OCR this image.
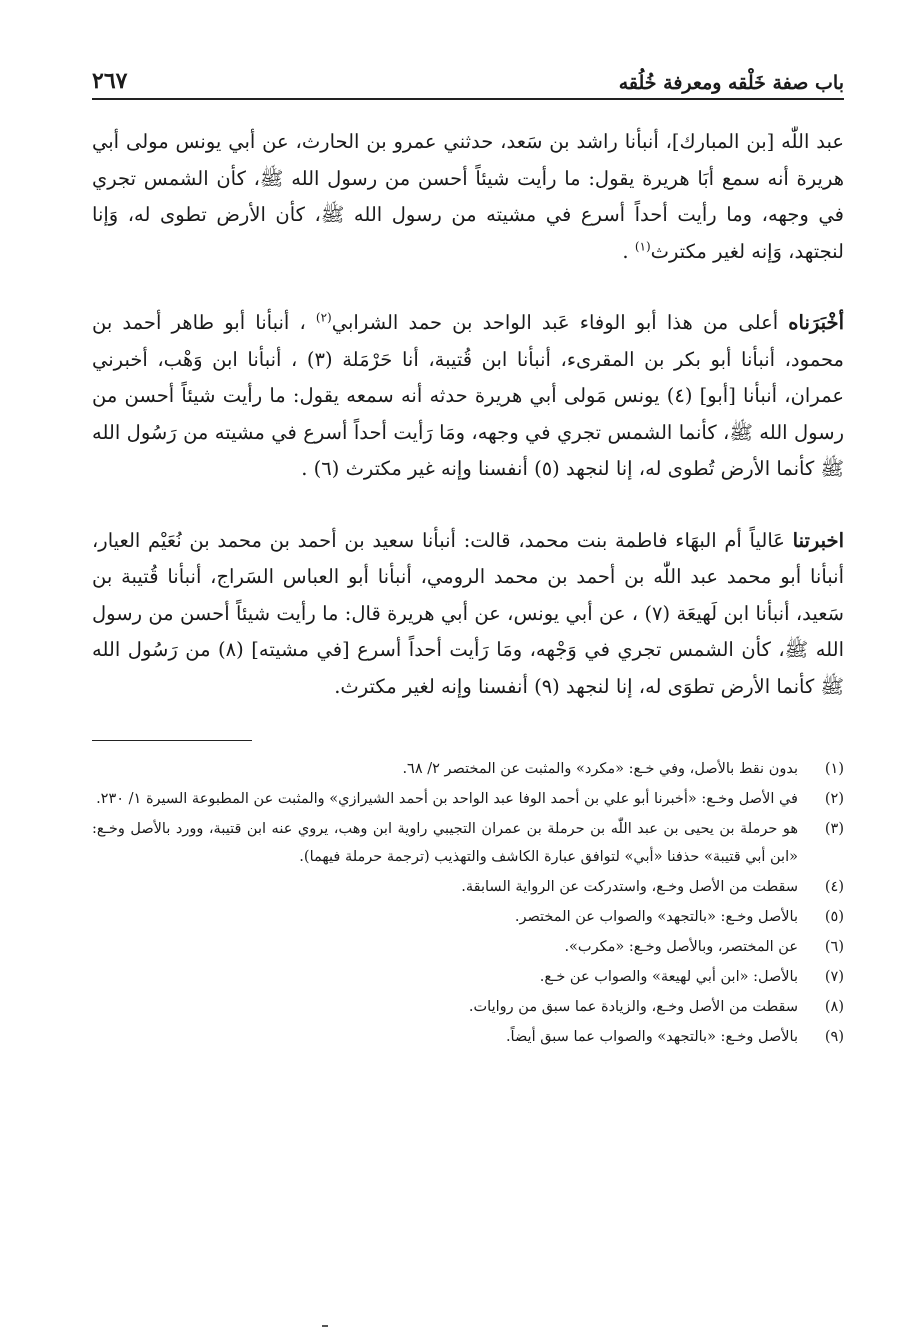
باب صفة خَلْقه ومعرفة خُلُقه
٢٦٧

عبد اللّٰه [بن المبارك]، أنبأنا راشد بن سَعد، حدثني عمرو بن الحارث، عن أبي يونس مولى أبي هريرة أنه سمع أبَا هريرة يقول: ما رأيت شيئاً أحسن من رسول الله ﷺ، كأن الشمس تجري في وجهه، وما رأيت أحداً أسرع في مشيته من رسول الله ﷺ، كأن الأرض تطوى له، وَإنا لنجتهد، وَإنه لغير مكترث$^{(١)}$ .

أخْبَرَناه أعلى من هذا أبو الوفاء عَبد الواحد بن حمد الشرابي$^{(٢)}$ ، أنبأنا أبو طاهر أحمد بن محمود، أنبأنا أبو بكر بن المقرىء، أنبأنا ابن قُتيبة، أنا حَرْمَلة (٣) ، أنبأنا ابن وَهْب، أخبرني عمران، أنبأنا [أبو] (٤) يونس مَولى أبي هريرة حدثه أنه سمعه يقول: ما رأيت شيئاً أحسن من رسول الله ﷺ، كأنما الشمس تجري في وجهه، ومَا رَأيت أحداً أسرع في مشيته من رَسُول الله ﷺ كأنما الأرض تُطوى له، إنا لنجهد (٥) أنفسنا وإنه غير مكترث (٦) .

اخبرتنا عَالياً أم البهَاء فاطمة بنت محمد، قالت: أنبأنا سعيد بن أحمد بن محمد بن نُعَيْم العيار، أنبأنا أبو محمد عبد اللّٰه بن أحمد بن محمد الرومي، أنبأنا أبو العباس السَراج، أنبأنا قُتيبة بن سَعيد، أنبأنا ابن لَهيعَة (٧) ، عن أبي يونس، عن أبي هريرة قال: ما رأيت شيئاً أحسن من رسول الله ﷺ، كأن الشمس تجري في وَجْهه، ومَا رَأيت أحداً أسرع [في مشيته] (٨) من رَسُول الله ﷺ كأنما الأرض تطوَى له، إنا لنجهد (٩) أنفسنا وإنه لغير مكترث.

(١)
بدون نقط بالأصل، وفي خـع: «مكرد» والمثبت عن المختصر ٢/ ٦٨.
(٢)
في الأصل وخـع: «أخبرنا أبو علي بن أحمد الوفا عبد الواحد بن أحمد الشيرازي» والمثبت عن المطبوعة السيرة ١/ ٢٣٠.
(٣)
هو حرملة بن يحيى بن عبد اللّٰه بن حرملة بن عمران التجيبي راوية ابن وهب، يروي عنه ابن قتيبة، وورد بالأصل وخـع: «ابن أبي قتيبة» حذفنا «أبي» لتوافق عبارة الكاشف والتهذيب (ترجمة حرملة فيهما).
(٤)
سقطت من الأصل وخـع، واستدركت عن الرواية السابقة.
(٥)
بالأصل وخـع: «بالتجهد» والصواب عن المختصر.
(٦)
عن المختصر، وبالأصل وخـع: «مكرب».
(٧)
بالأصل: «ابن أبي لهيعة» والصواب عن خـع.
(٨)
سقطت من الأصل وخـع، والزيادة عما سبق من روايات.
(٩)
بالأصل وخـع: «بالتجهد» والصواب عما سبق أيضاً.
